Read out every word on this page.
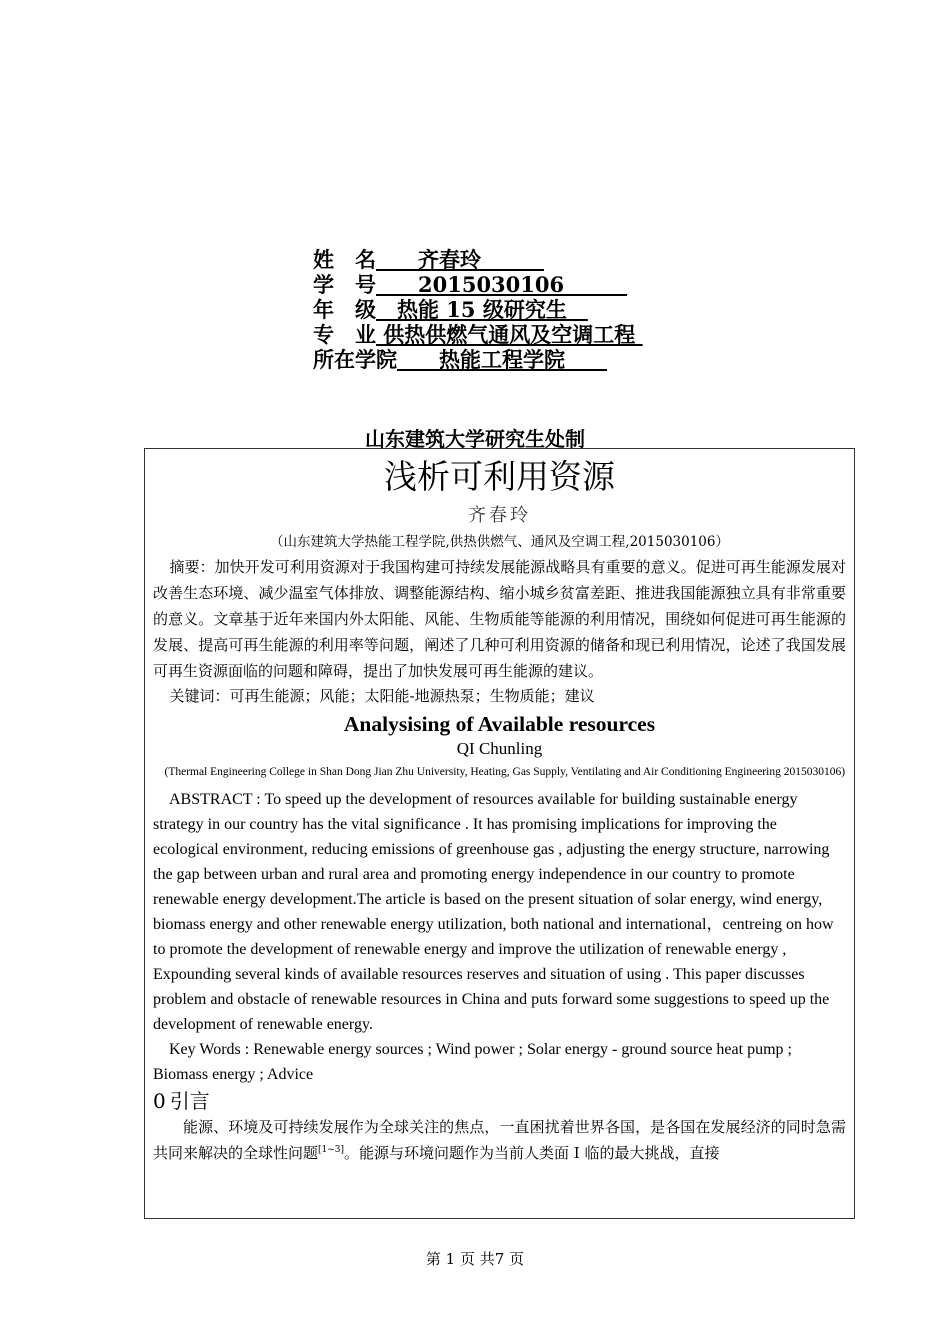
姓　名　　齐春玲　　　
学　号　　2015030106　　　
年　级　热能 15 级研究生　
专　业 供热供燃气通风及空调工程
所在学院　　热能工程学院　　
山东建筑大学研究生处制
浅析可利用资源
齐春玲
（山东建筑大学热能工程学院,供热供燃气、通风及空调工程,2015030106）

摘要：加快开发可利用资源对于我国构建可持续发展能源战略具有重要的意义。促进可再生能源发展对改善生态环境、减少温室气体排放、调整能源结构、缩小城乡贫富差距、推进我国能源独立具有非常重要的意义。文章基于近年来国内外太阳能、风能、生物质能等能源的利用情况，围绕如何促进可再生能源的发展、提高可再生能源的利用率等问题，阐述了几种可利用资源的储备和现已利用情况，论述了我国发展可再生资源面临的问题和障碍，提出了加快发展可再生能源的建议。

关键词：可再生能源；风能；太阳能-地源热泵；生物质能；建议

Analysising of Available resources
QI Chunling

(Thermal Engineering College in Shan Dong Jian Zhu University, Heating, Gas Supply, Ventilating and Air Conditioning Engineering 2015030106)

ABSTRACT : To speed up the development of resources available for building sustainable energy strategy in our country has the vital significance . It has promising implications for improving the ecological environment, reducing emissions of greenhouse gas , adjusting the energy structure, narrowing the gap between urban and rural area and promoting energy independence in our country to promote renewable energy development.The article is based on the present situation of solar energy, wind energy, biomass energy and other renewable energy utilization, both national and international，centreing on how to promote the development of renewable energy and improve the utilization of renewable energy , Expounding several kinds of available resources reserves and situation of using . This paper discusses problem and obstacle of renewable resources in China and puts forward some suggestions to speed up the development of renewable energy.

Key Words : Renewable energy sources ; Wind power ; Solar energy - ground source heat pump ; Biomass energy ; Advice

0 引言

能源、环境及可持续发展作为全球关注的焦点，一直困扰着世界各国，是各国在发展经济的同时急需共同来解决的全球性问题[1~3]。能源与环境问题作为当前人类面 I 临的最大挑战，直接

第 1 页 共7 页
